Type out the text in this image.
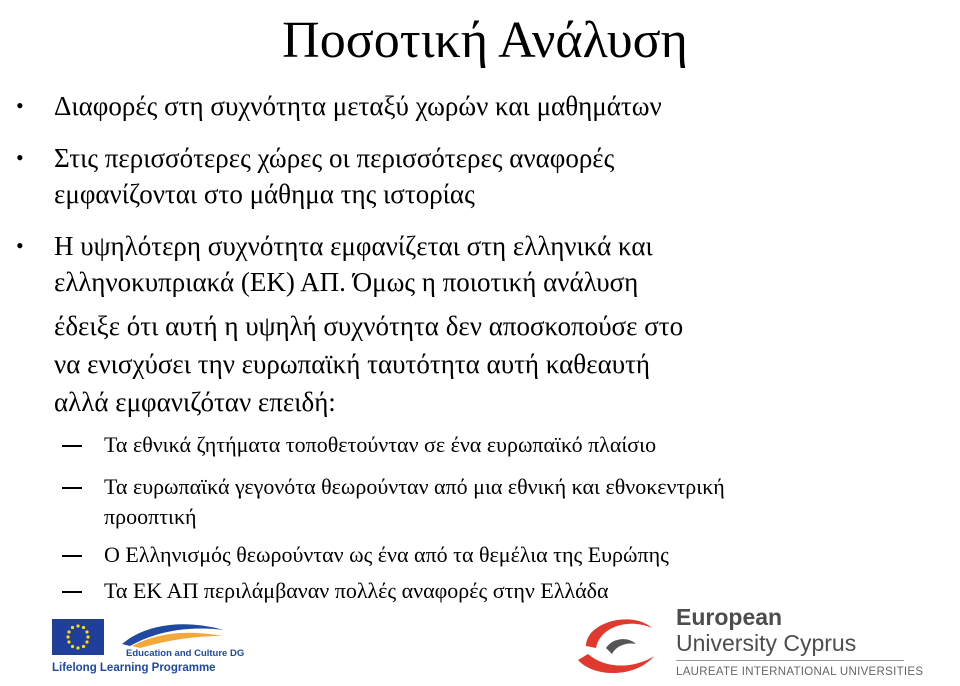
Ποσοτική Ανάλυση
• Διαφορές στη συχνότητα μεταξύ χωρών και μαθημάτων
• Στις περισσότερες χώρες οι περισσότερες αναφορές
εμφανίζονται στο μάθημα της ιστορίας
• Η υψηλότερη συχνότητα εμφανίζεται στη ελληνικά και
ελληνοκυπριακά (ΕΚ) ΑΠ. Όμως η ποιοτική ανάλυση
έδειξε ότι αυτή η υψηλή συχνότητα δεν αποσκοπούσε στο
να ενισχύσει την ευρωπαϊκή ταυτότητα αυτή καθεαυτή
αλλά εμφανιζόταν επειδή:
Τα εθνικά ζητήματα τοποθετούνταν σε ένα ευρωπαϊκό πλαίσιο
Τα ευρωπαϊκά γεγονότα θεωρούνταν από μια εθνική και εθνοκεντρική
προοπτική
Ο Ελληνισμός θεωρούνταν ως ένα από τα θεμέλια της Ευρώπης
Τα ΕΚ ΑΠ περιλάμβαναν πολλές αναφορές στην Ελλάδα
Education and Culture DG
Lifelong Learning Programme
European
University Cyprus
LAUREATE INTERNATIONAL UNIVERSITIES
